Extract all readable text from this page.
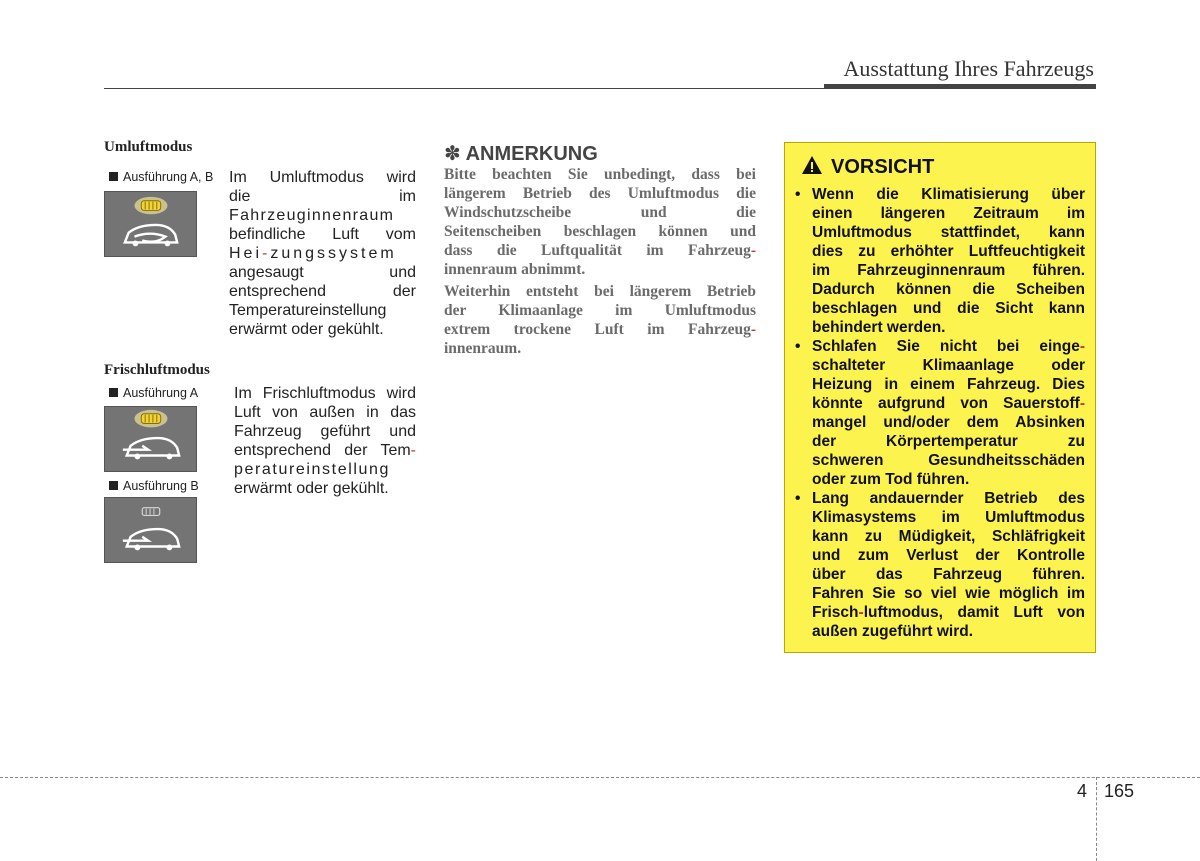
Ausstattung Ihres Fahrzeugs
Umluftmodus
Ausführung A, B Im Umluftmodus wird
die im
Fahrzeuginnenraum
befindliche Luft vom
Hei-zungssystem
angesaugt und
entsprechend der
Temperatureinstellung
erwärmt oder gekühlt.
Frischluftmodus
Ausführung A
Ausführung B
Im Frischluftmodus wird
Luft von außen in das
Fahrzeug geführt und
entsprechend der Tem-
peratureinstellung
erwärmt oder gekühlt.
✽ ANMERKUNG
Bitte beachten Sie unbedingt, dass bei
längerem Betrieb des Umluftmodus die
Windschutzscheibe und die
Seitenscheiben beschlagen können und
dass die Luftqualität im Fahrzeug-
innenraum abnimmt.
Weiterhin entsteht bei längerem Betrieb
der Klimaanlage im Umluftmodus
extrem trockene Luft im Fahrzeug-
innenraum.
VORSICHT
• Wenn die Klimatisierung über
einen längeren Zeitraum im
Umluftmodus stattfindet, kann
dies zu erhöhter Luftfeuchtigkeit
im Fahrzeuginnenraum führen.
Dadurch können die Scheiben
beschlagen und die Sicht kann
behindert werden.
• Schlafen Sie nicht bei einge-
schalteter Klimaanlage oder
Heizung in einem Fahrzeug. Dies
könnte aufgrund von Sauerstoff-
mangel und/oder dem Absinken
der Körpertemperatur zu
schweren Gesundheitsschäden
oder zum Tod führen.
• Lang andauernder Betrieb des
Klimasystems im Umluftmodus
kann zu Müdigkeit, Schläfrigkeit
und zum Verlust der Kontrolle
über das Fahrzeug führen.
Fahren Sie so viel wie möglich im
Frisch-luftmodus, damit Luft von
außen zugeführt wird.
4 165
